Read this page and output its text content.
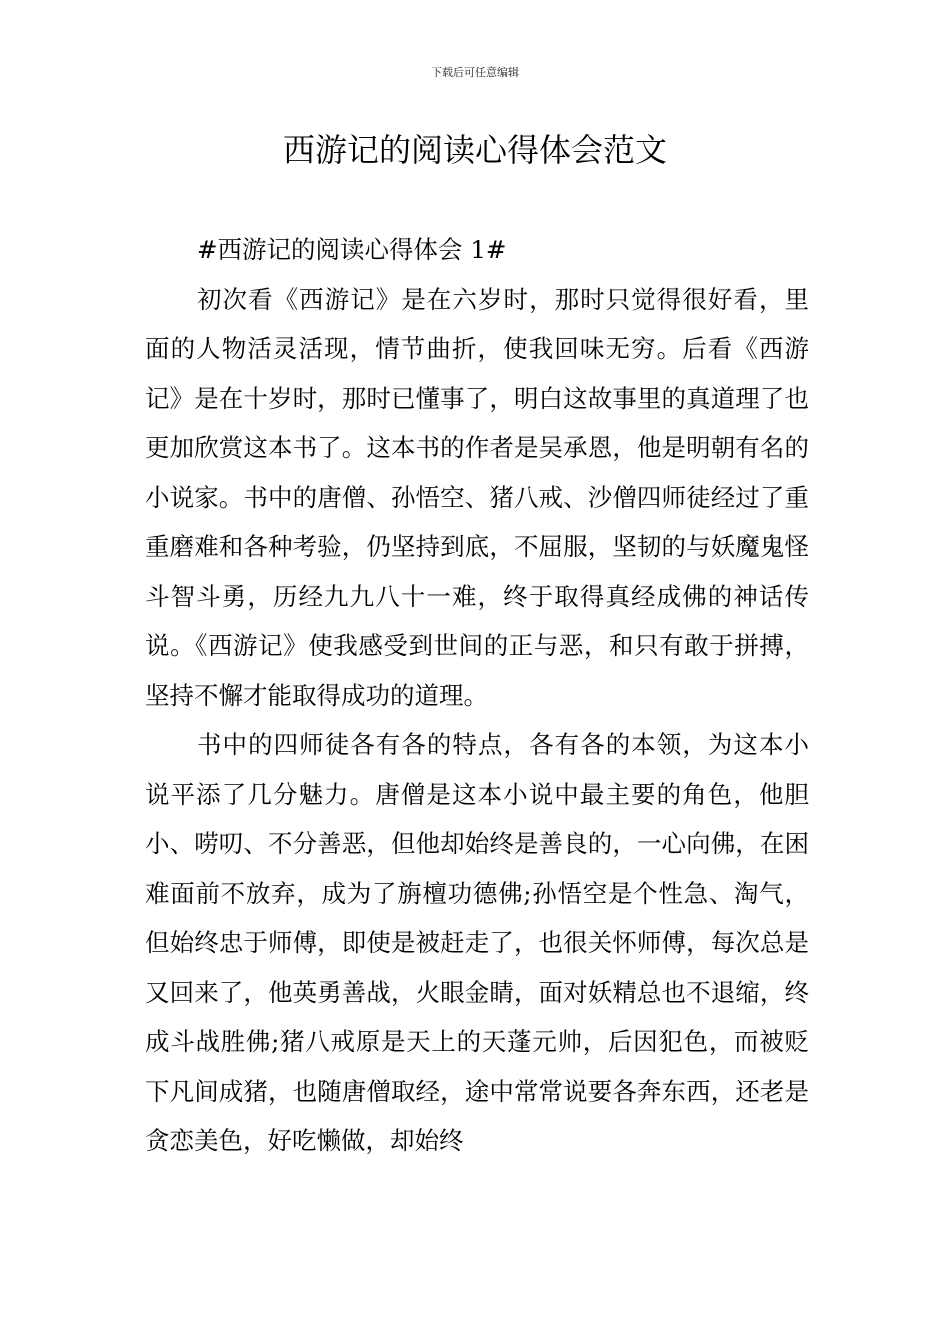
下载后可任意编辑
西游记的阅读心得体会范文
#西游记的阅读心得体会 1#

初次看《西游记》是在六岁时，那时只觉得很好看，里面的人物活灵活现，情节曲折，使我回味无穷。后看《西游记》是在十岁时，那时已懂事了，明白这故事里的真道理了也更加欣赏这本书了。这本书的作者是吴承恩，他是明朝有名的小说家。书中的唐僧、孙悟空、猪八戒、沙僧四师徒经过了重重磨难和各种考验，仍坚持到底，不屈服，坚韧的与妖魔鬼怪斗智斗勇，历经九九八十一难，终于取得真经成佛的神话传说。《西游记》使我感受到世间的正与恶，和只有敢于拼搏，坚持不懈才能取得成功的道理。

书中的四师徒各有各的特点，各有各的本领，为这本小说平添了几分魅力。唐僧是这本小说中最主要的角色，他胆小、唠叨、不分善恶，但他却始终是善良的，一心向佛，在困难面前不放弃，成为了旃檀功德佛;孙悟空是个性急、淘气，但始终忠于师傅，即使是被赶走了，也很关怀师傅，每次总是又回来了，他英勇善战，火眼金睛，面对妖精总也不退缩，终成斗战胜佛;猪八戒原是天上的天蓬元帅，后因犯色，而被贬下凡间成猪，也随唐僧取经，途中常常说要各奔东西，还老是贪恋美色，好吃懒做，却始终
